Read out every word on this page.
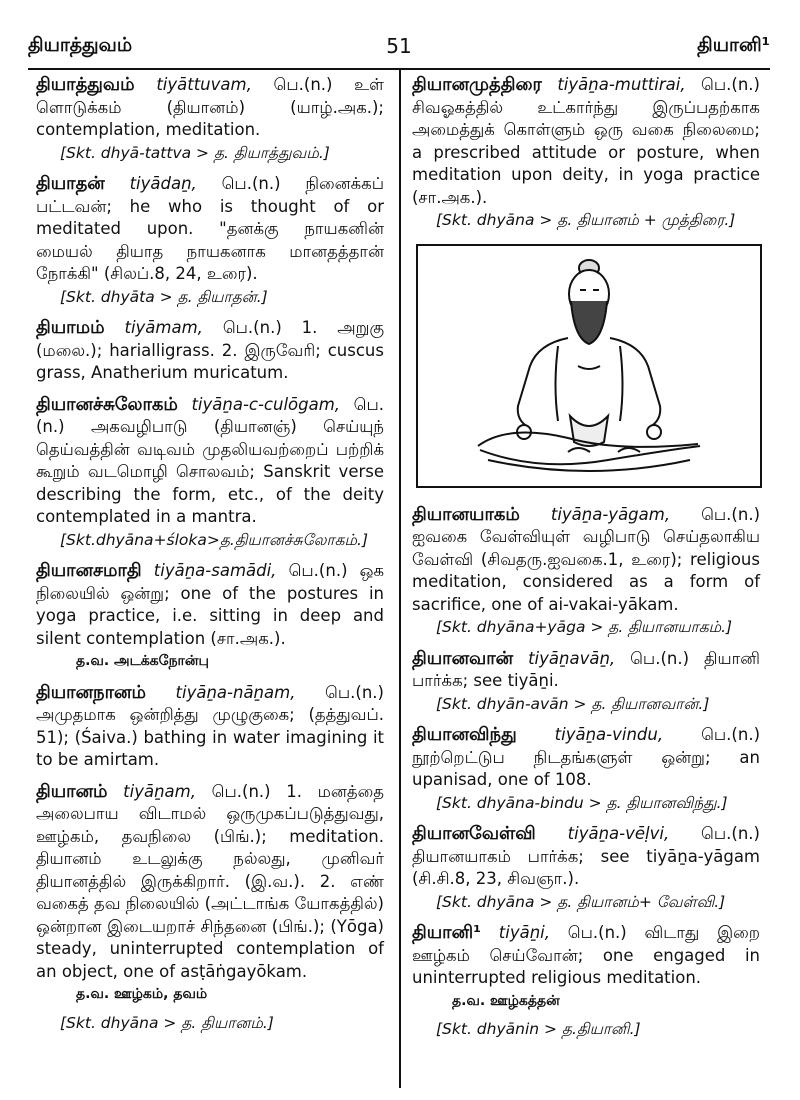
தியாத்துவம்	51	தியானி¹
தியாத்துவம் tiyāttuvam, பெ.(n.) உள் ளொடுக்கம் (தியானம்) (யாழ்.அக.); contemplation, meditation.
[Skt. dhyā-tattva > த. தியாத்துவம்.]
தியாதன் tiyādaṉ, பெ.(n.) நினைக்கப் பட்டவன்; he who is thought of or meditated upon. "தனக்கு நாயகனின் மையல் தியாத நாயகனாக மானதத்தான் நோக்கி" (சிலப்.8, 24, உரை).
[Skt. dhyāta > த. தியாதன்.]
தியாமம் tiyāmam, பெ.(n.) 1. அறுகு (மலை.); harialligrass. 2. இருவேரி; cuscus grass, Anatherium muricatum.
தியானச்சுலோகம் tiyāṉa-c-culōgam, பெ. (n.) அகவழிபாடு (தியானஞ்) செய்யுந் தெய்வத்தின் வடிவம் முதலியவற்றைப் பற்றிக் கூறும் வடமொழி சொலவம்; Sanskrit verse describing the form, etc., of the deity contemplated in a mantra.
[Skt.dhyāna+śloka>த.தியானச்சுலோகம்.]
தியானசமாதி tiyāṉa-samādi, பெ.(n.) ஒக நிலையில் ஒன்று; one of the postures in yoga practice, i.e. sitting in deep and silent contemplation (சா.அக.).
த.வ. அடக்கநோன்பு
தியானநானம் tiyāṉa-nāṉam, பெ.(n.) அமுதமாக ஒன்றித்து முழுகுகை; (தத்துவப். 51); (Śaiva.) bathing in water imagining it to be amirtam.
தியானம் tiyāṉam, பெ.(n.) 1. மனத்தை அலைபாய விடாமல் ஒருமுகப்படுத்துவது, ஊழ்கம், தவநிலை (பிங்.); meditation. தியானம் உடலுக்கு நல்லது, முனிவர் தியானத்தில் இருக்கிறார். (இ.வ.). 2. எண் வகைத் தவ நிலையில் (அட்டாங்க யோகத்தில்) ஒன்றான இடையறாச் சிந்தனை (பிங்.); (Yōga) steady, uninterrupted contemplation of an object, one of asṭāṅgayōkam.
த.வ. ஊழ்கம், தவம்
[Skt. dhyāna > த. தியானம்.]
தியானமுத்திரை tiyāṉa-muttirai, பெ.(n.) சிவஓகத்தில் உட்கார்ந்து இருப்பதற்காக அமைத்துக் கொள்ளும் ஒரு வகை நிலைமை; a prescribed attitude or posture, when meditation upon deity, in yoga practice (சா.அக.).
[Skt. dhyāna > த. தியானம் + முத்திரை.]
தியானயாகம் tiyāṉa-yāgam, பெ.(n.) ஐவகை வேள்வியுள் வழிபாடு செய்தலாகிய வேள்வி (சிவதரு.ஐவகை.1, உரை); religious meditation, considered as a form of sacrifice, one of ai-vakai-yākam.
[Skt. dhyāna+yāga > த. தியானயாகம்.]
தியானவான் tiyāṉavāṉ, பெ.(n.) தியானி பார்க்க; see tiyāṉi.
[Skt. dhyān-avān > த. தியானவான்.]
தியானவிந்து tiyāṉa-vindu, பெ.(n.) நூற்றெட்டுப நிடதங்களுள் ஒன்று; an upanisad, one of 108.
[Skt. dhyāna-bindu > த. தியானவிந்து.]
தியானவேள்வி tiyāṉa-vēḷvi, பெ.(n.) தியானயாகம் பார்க்க; see tiyāṉa-yāgam (சி.சி.8, 23, சிவஞா.).
[Skt. dhyāna > த. தியானம்+ வேள்வி.]
தியானி¹ tiyāṉi, பெ.(n.) விடாது இறை ஊழ்கம் செய்வோன்; one engaged in uninterrupted religious meditation.
த.வ. ஊழ்கத்தன்
[Skt. dhyānin > த.தியானி.]
